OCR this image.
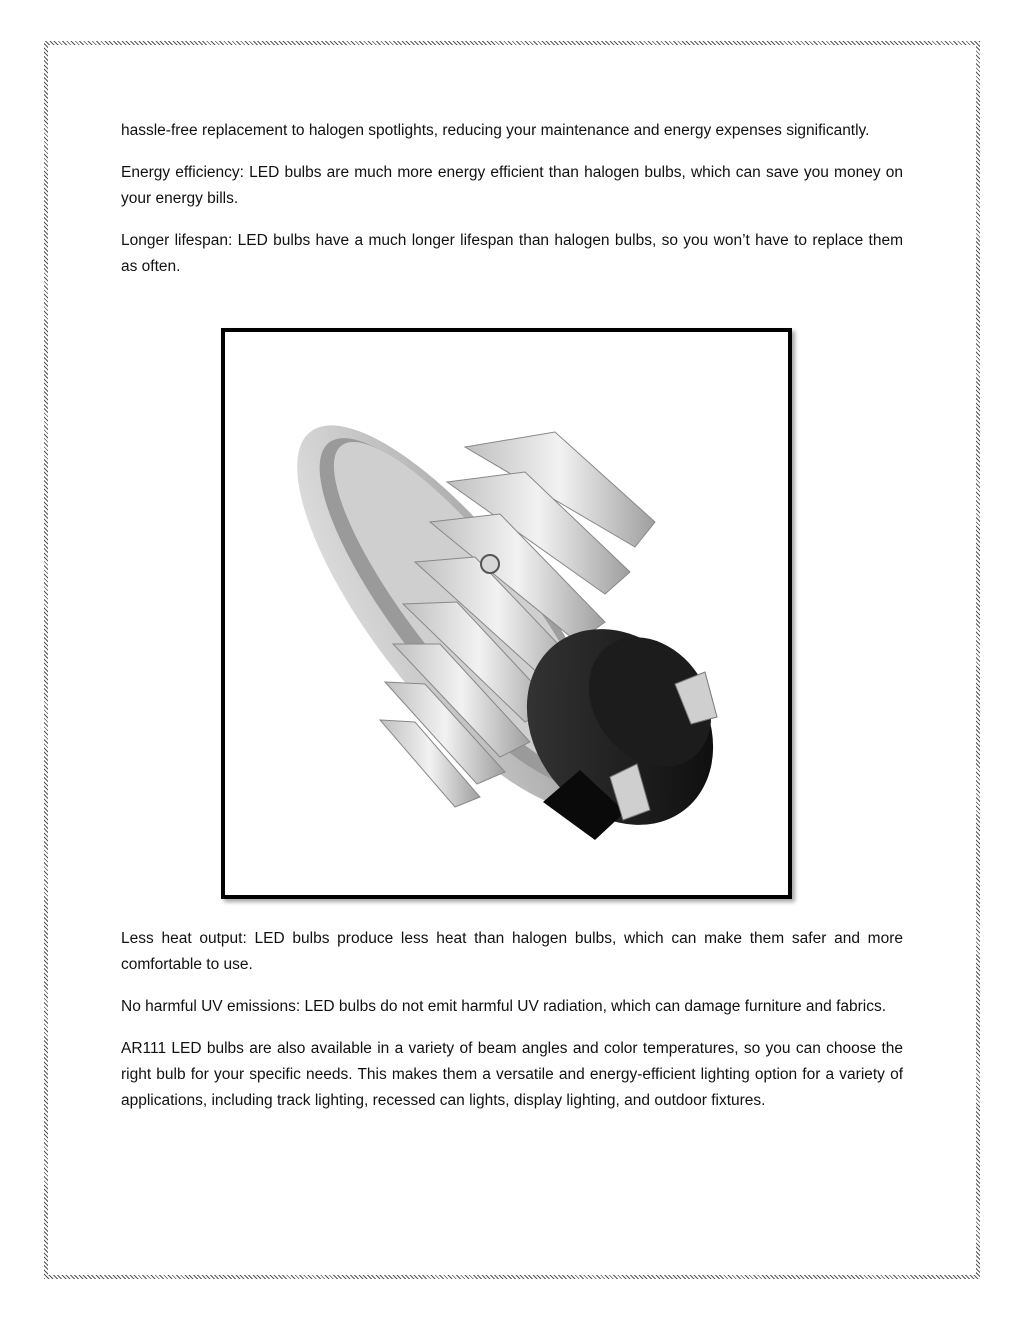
hassle-free replacement to halogen spotlights, reducing your maintenance and energy expenses significantly.

Energy efficiency: LED bulbs are much more energy efficient than halogen bulbs, which can save you money on your energy bills.

Longer lifespan: LED bulbs have a much longer lifespan than halogen bulbs, so you won’t have to replace them as often.

Less heat output: LED bulbs produce less heat than halogen bulbs, which can make them safer and more comfortable to use.

No harmful UV emissions: LED bulbs do not emit harmful UV radiation, which can damage furniture and fabrics.

AR111 LED bulbs are also available in a variety of beam angles and color temperatures, so you can choose the right bulb for your specific needs. This makes them a versatile and energy-efficient lighting option for a variety of applications, including track lighting, recessed can lights, display lighting, and outdoor fixtures.
